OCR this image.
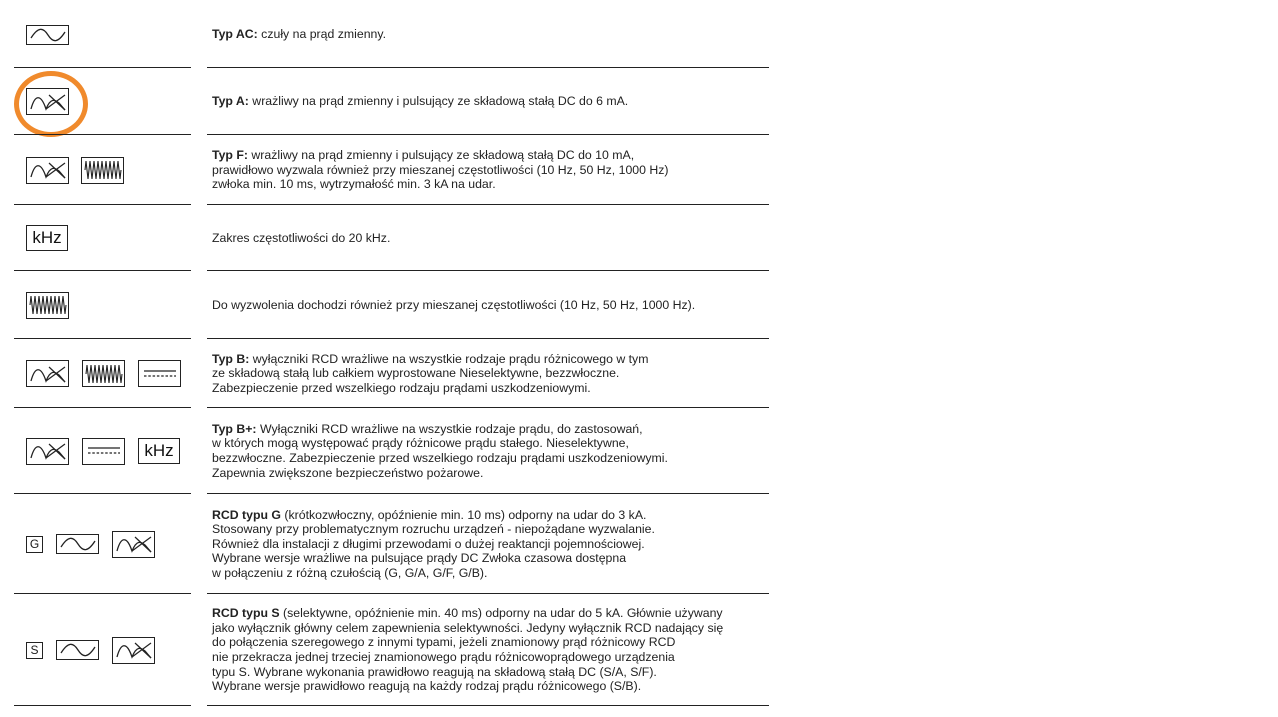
Typ AC: czuły na prąd zmienny.
Typ A: wrażliwy na prąd zmienny i pulsujący ze składową stałą DC do 6 mA.
Typ F: wrażliwy na prąd zmienny i pulsujący ze składową stałą DC do 10 mA,
prawidłowo wyzwala również przy mieszanej częstotliwości (10 Hz, 50 Hz, 1000 Hz)
zwłoka min. 10 ms, wytrzymałość min. 3 kA na udar.
kHz	Zakres częstotliwości do 20 kHz.
Do wyzwolenia dochodzi również przy mieszanej częstotliwości (10 Hz, 50 Hz, 1000 Hz).
Typ B: wyłączniki RCD wrażliwe na wszystkie rodzaje prądu różnicowego w tym
ze składową stałą lub całkiem wyprostowane Nieselektywne, bezzwłoczne.
Zabezpieczenie przed wszelkiego rodzaju prądami uszkodzeniowymi.
kHz
Typ B+: Wyłączniki RCD wrażliwe na wszystkie rodzaje prądu, do zastosowań,
w których mogą występować prądy różnicowe prądu stałego. Nieselektywne,
bezzwłoczne. Zabezpieczenie przed wszelkiego rodzaju prądami uszkodzeniowymi.
Zapewnia zwiększone bezpieczeństwo pożarowe.
G
RCD typu G (krótkozwłoczny, opóźnienie min. 10 ms) odporny na udar do 3 kA.
Stosowany przy problematycznym rozruchu urządzeń - niepożądane wyzwalanie.
Również dla instalacji z długimi przewodami o dużej reaktancji pojemnościowej.
Wybrane wersje wrażliwe na pulsujące prądy DC Zwłoka czasowa dostępna
w połączeniu z różną czułością (G, G/A, G/F, G/B).
S
RCD typu S (selektywne, opóźnienie min. 40 ms) odporny na udar do 5 kA. Głównie używany
jako wyłącznik główny celem zapewnienia selektywności. Jedyny wyłącznik RCD nadający się
do połączenia szeregowego z innymi typami, jeżeli znamionowy prąd różnicowy RCD
nie przekracza jednej trzeciej znamionowego prądu różnicowoprądowego urządzenia
typu S. Wybrane wykonania prawidłowo reagują na składową stałą DC (S/A, S/F).
Wybrane wersje prawidłowo reagują na każdy rodzaj prądu różnicowego (S/B).
